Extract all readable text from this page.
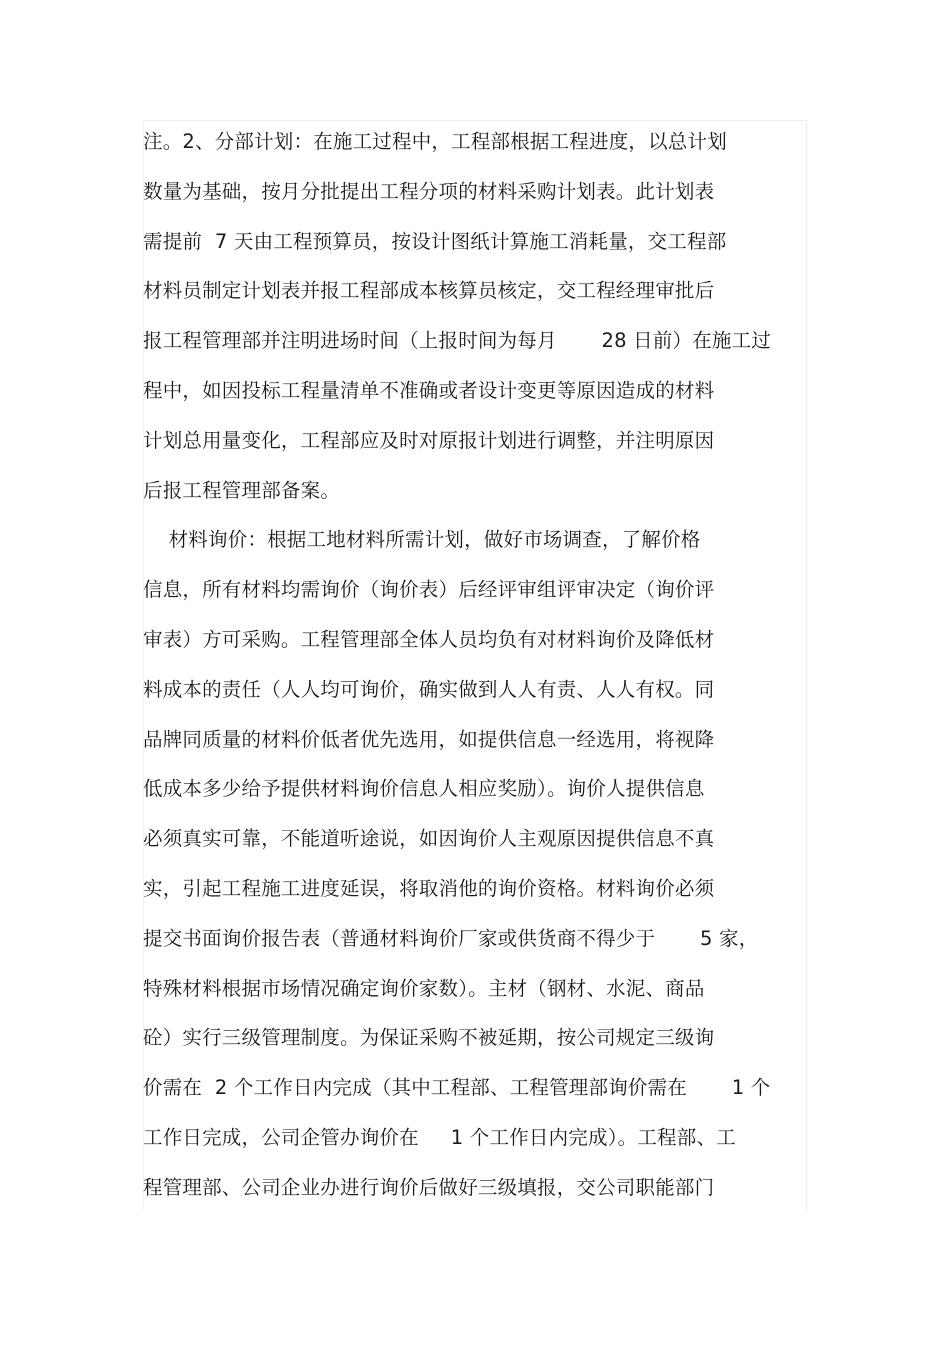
注。2、分部计划：在施工过程中，工程部根据工程进度，以总计划
数量为基础，按月分批提出工程分项的材料采购计划表。此计划表
需提前  7 天由工程预算员，按设计图纸计算施工消耗量，交工程部
材料员制定计划表并报工程部成本核算员核定，交工程经理审批后
报工程管理部并注明进场时间（上报时间为每月       28 日前）在施工过
程中，如因投标工程量清单不准确或者设计变更等原因造成的材料
计划总用量变化，工程部应及时对原报计划进行调整，并注明原因
后报工程管理部备案。
材料询价：根据工地材料所需计划，做好市场调查，了解价格
信息，所有材料均需询价（询价表）后经评审组评审决定（询价评
审表）方可采购。工程管理部全体人员均负有对材料询价及降低材
料成本的责任（人人均可询价，确实做到人人有责、人人有权。同
品牌同质量的材料价低者优先选用，如提供信息一经选用，将视降
低成本多少给予提供材料询价信息人相应奖励）。询价人提供信息
必须真实可靠，不能道听途说，如因询价人主观原因提供信息不真
实，引起工程施工进度延误，将取消他的询价资格。材料询价必须
提交书面询价报告表（普通材料询价厂家或供货商不得少于       5 家，
特殊材料根据市场情况确定询价家数）。主材（钢材、水泥、商品
砼）实行三级管理制度。为保证采购不被延期，按公司规定三级询
价需在  2 个工作日内完成（其中工程部、工程管理部询价需在       1 个
工作日完成，公司企管办询价在     1 个工作日内完成）。工程部、工
程管理部、公司企业办进行询价后做好三级填报，交公司职能部门
